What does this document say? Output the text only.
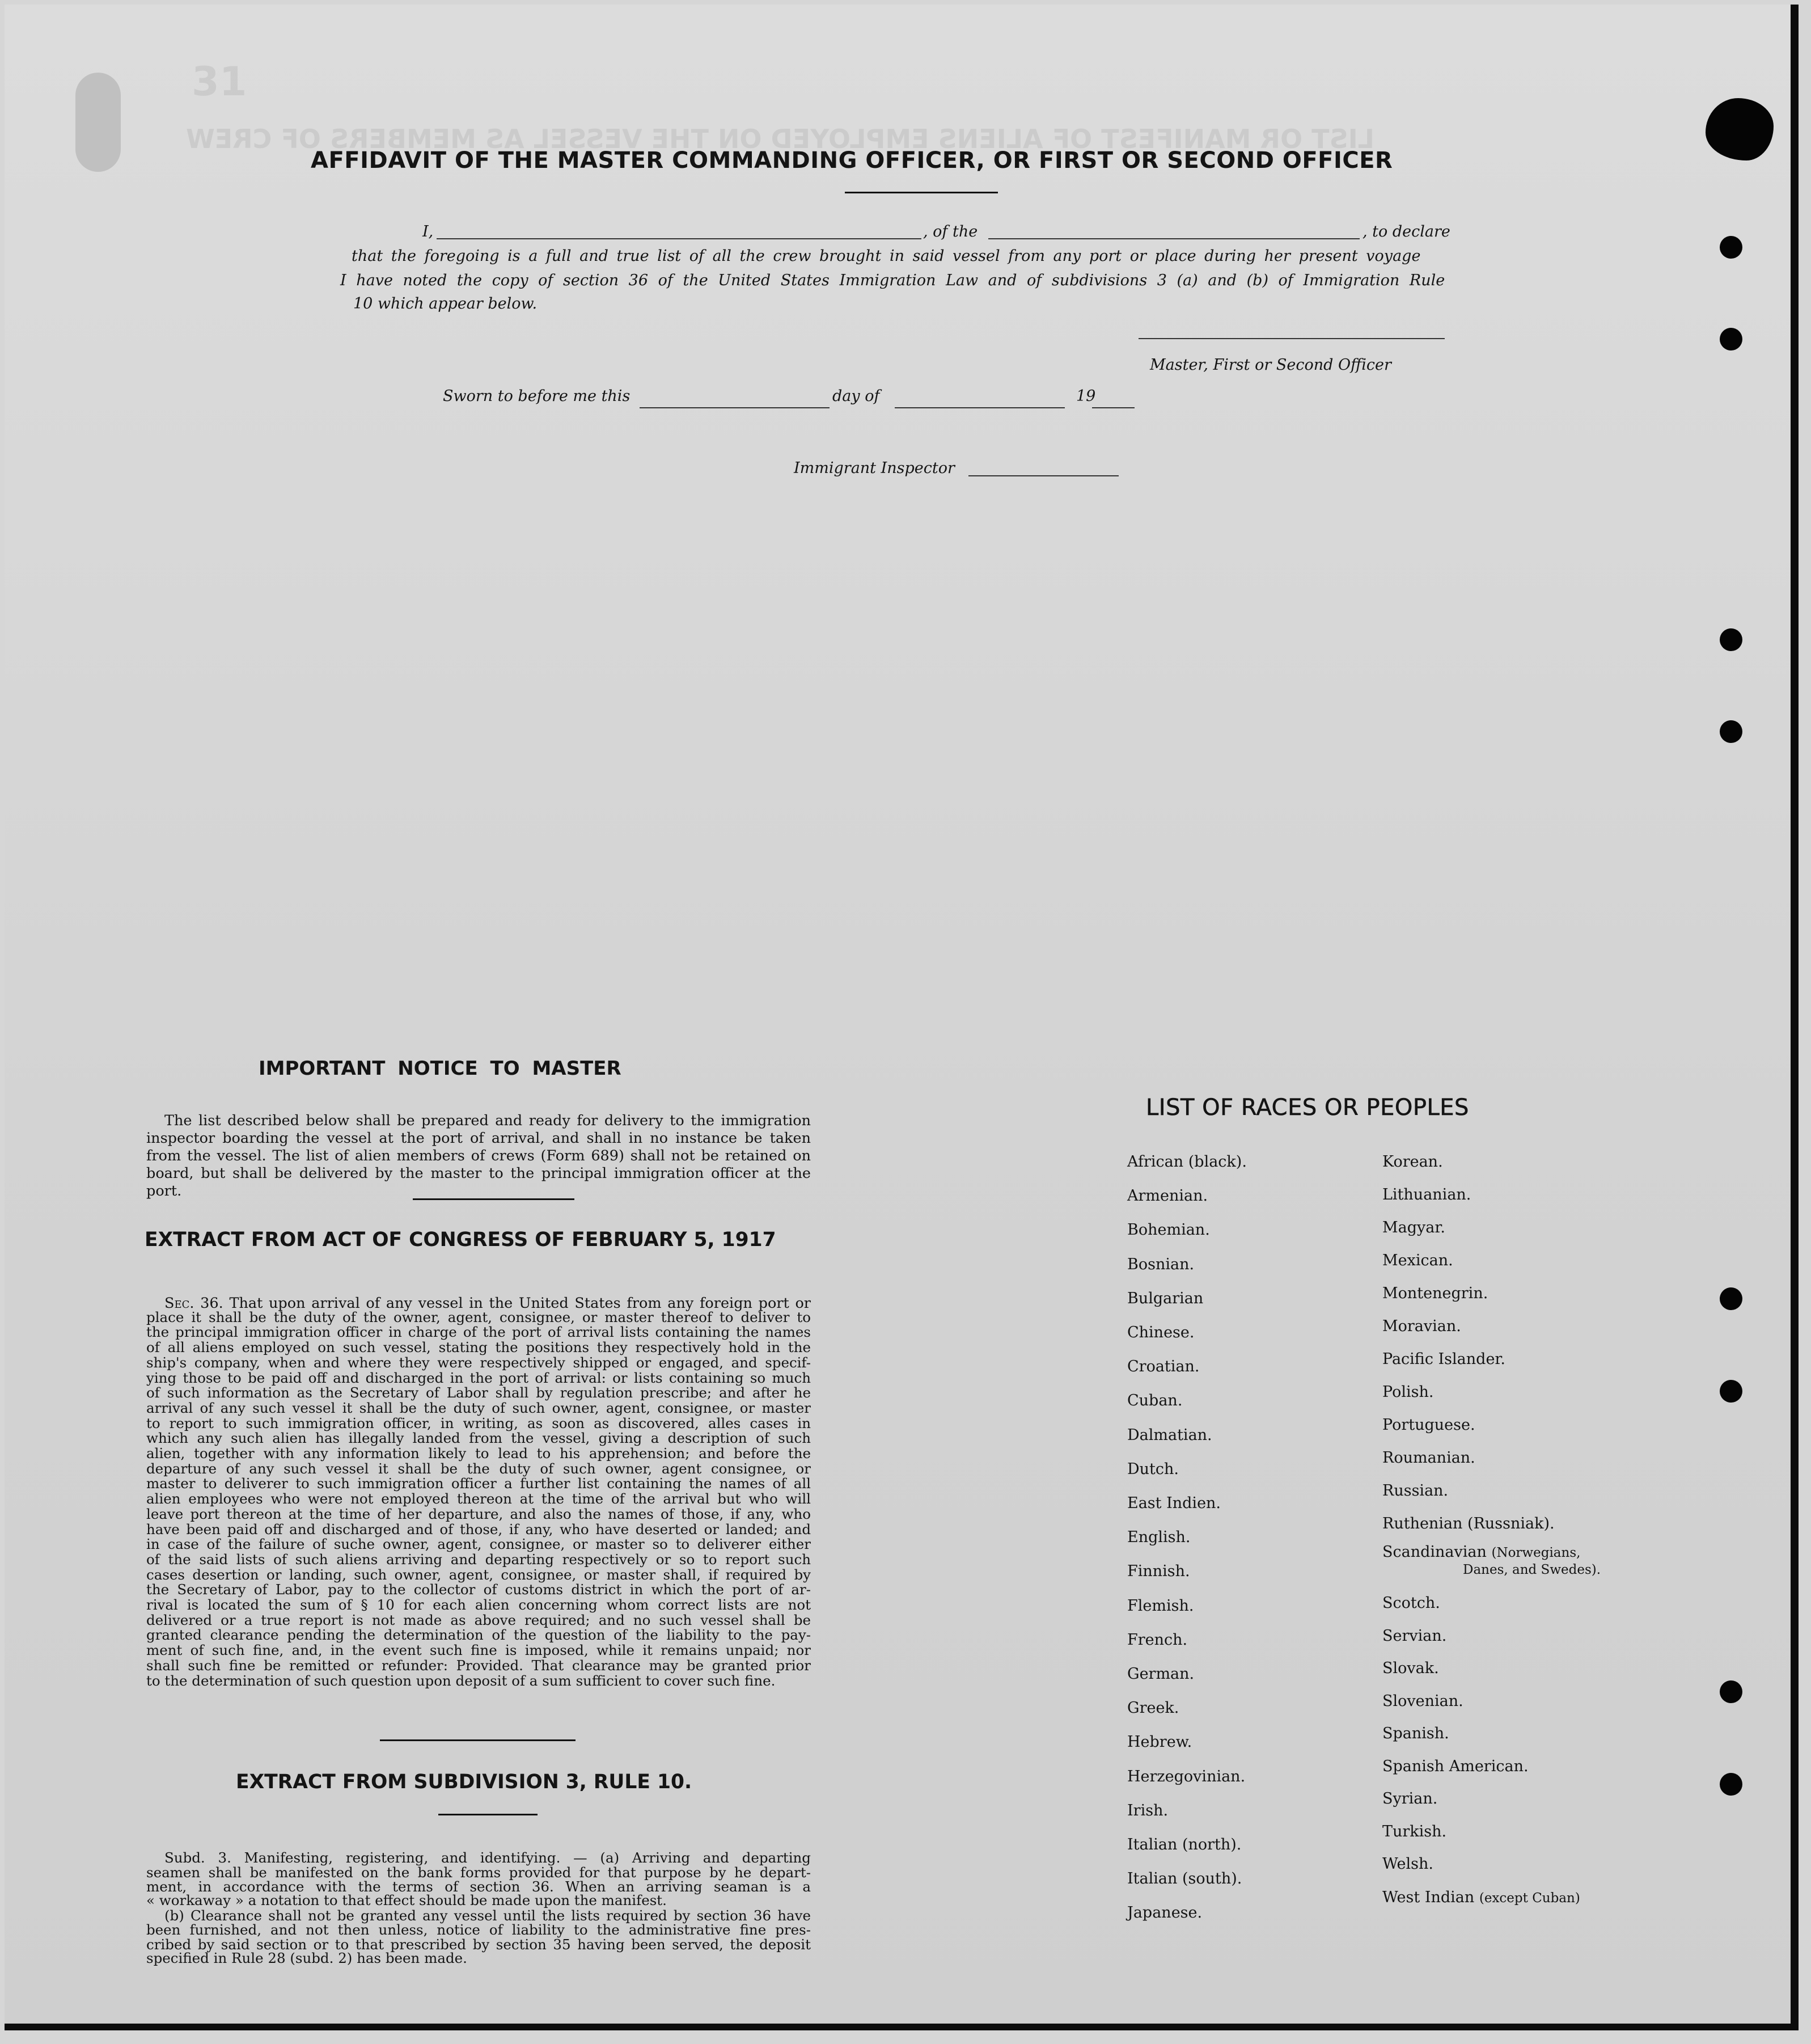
LIST OR MANIFEST OF ALIENS EMPLOYED ON THE VESSEL AS MEMBERS OF CREW
31
AFFIDAVIT OF THE MASTER COMMANDING OFFICER, OR FIRST OR SECOND OFFICER
I,	, of the	, to declare
that the foregoing is a full and true list of all the crew brought in said vessel from any port or place during her present voyage
I have noted the copy of section 36 of the United States Immigration Law and of subdivisions 3 (a) and (b) of Immigration Rule
10 which appear below.
Master, First or Second Officer
Sworn to before me this	day of	19
Immigrant Inspector
IMPORTANT NOTICE TO MASTER
The list described below shall be prepared and ready for delivery to the immigration
inspector boarding the vessel at the port of arrival, and shall in no instance be taken
from the vessel. The list of alien members of crews (Form 689) shall not be retained on
board, but shall be delivered by the master to the principal immigration officer at the port.
EXTRACT FROM ACT OF CONGRESS OF FEBRUARY 5, 1917
Sec. 36. That upon arrival of any vessel in the United States from any foreign port or
place it shall be the duty of the owner, agent, consignee, or master thereof to deliver to
the principal immigration officer in charge of the port of arrival lists containing the names
of all aliens employed on such vessel, stating the positions they respectively hold in the
ship's company, when and where they were respectively shipped or engaged, and specif-
ying those to be paid off and discharged in the port of arrival: or lists containing so much
of such information as the Secretary of Labor shall by regulation prescribe; and after he
arrival of any such vessel it shall be the duty of such owner, agent, consignee, or master
to report to such immigration officer, in writing, as soon as discovered, alles cases in
which any such alien has illegally landed from the vessel, giving a description of such
alien, together with any information likely to lead to his apprehension; and before the
departure of any such vessel it shall be the duty of such owner, agent consignee, or
master to deliverer to such immigration officer a further list containing the names of all
alien employees who were not employed thereon at the time of the arrival but who will
leave port thereon at the time of her departure, and also the names of those, if any, who
have been paid off and discharged and of those, if any, who have deserted or landed; and
in case of the failure of suche owner, agent, consignee, or master so to deliverer either
of the said lists of such aliens arriving and departing respectively or so to report such
cases desertion or landing, such owner, agent, consignee, or master shall, if required by
the Secretary of Labor, pay to the collector of customs district in which the port of ar-
rival is located the sum of § 10 for each alien concerning whom correct lists are not
delivered or a true report is not made as above required; and no such vessel shall be
granted clearance pending the determination of the question of the liability to the pay-
ment of such fine, and, in the event such fine is imposed, while it remains unpaid; nor
shall such fine be remitted or refunder: Provided. That clearance may be granted prior
to the determination of such question upon deposit of a sum sufficient to cover such fine.
EXTRACT FROM SUBDIVISION 3, RULE 10.
Subd. 3. Manifesting, registering, and identifying. — (a) Arriving and departing
seamen shall be manifested on the bank forms provided for that purpose by he depart-
ment, in accordance with the terms of section 36. When an arriving seaman is a
« workaway » a notation to that effect should be made upon the manifest.
(b) Clearance shall not be granted any vessel until the lists required by section 36 have
been furnished, and not then unless, notice of liability to the administrative fine pres-
cribed by said section or to that prescribed by section 35 having been served, the deposit
specified in Rule 28 (subd. 2) has been made.
LIST OF RACES OR PEOPLES
African (black).
Armenian.
Bohemian.
Bosnian.
Bulgarian
Chinese.
Croatian.
Cuban.
Dalmatian.
Dutch.
East Indien.
English.
Finnish.
Flemish.
French.
German.
Greek.
Hebrew.
Herzegovinian.
Irish.
Italian (north).
Italian (south).
Japanese.
Korean.
Lithuanian.
Magyar.
Mexican.
Montenegrin.
Moravian.
Pacific Islander.
Polish.
Portuguese.
Roumanian.
Russian.
Ruthenian (Russniak).
Scotch.
Servian.
Slovak.
Slovenian.
Spanish.
Spanish American.
Syrian.
Turkish.
Welsh.
Scandinavian (Norwegians,
Danes, and Swedes).
West Indian (except Cuban)
